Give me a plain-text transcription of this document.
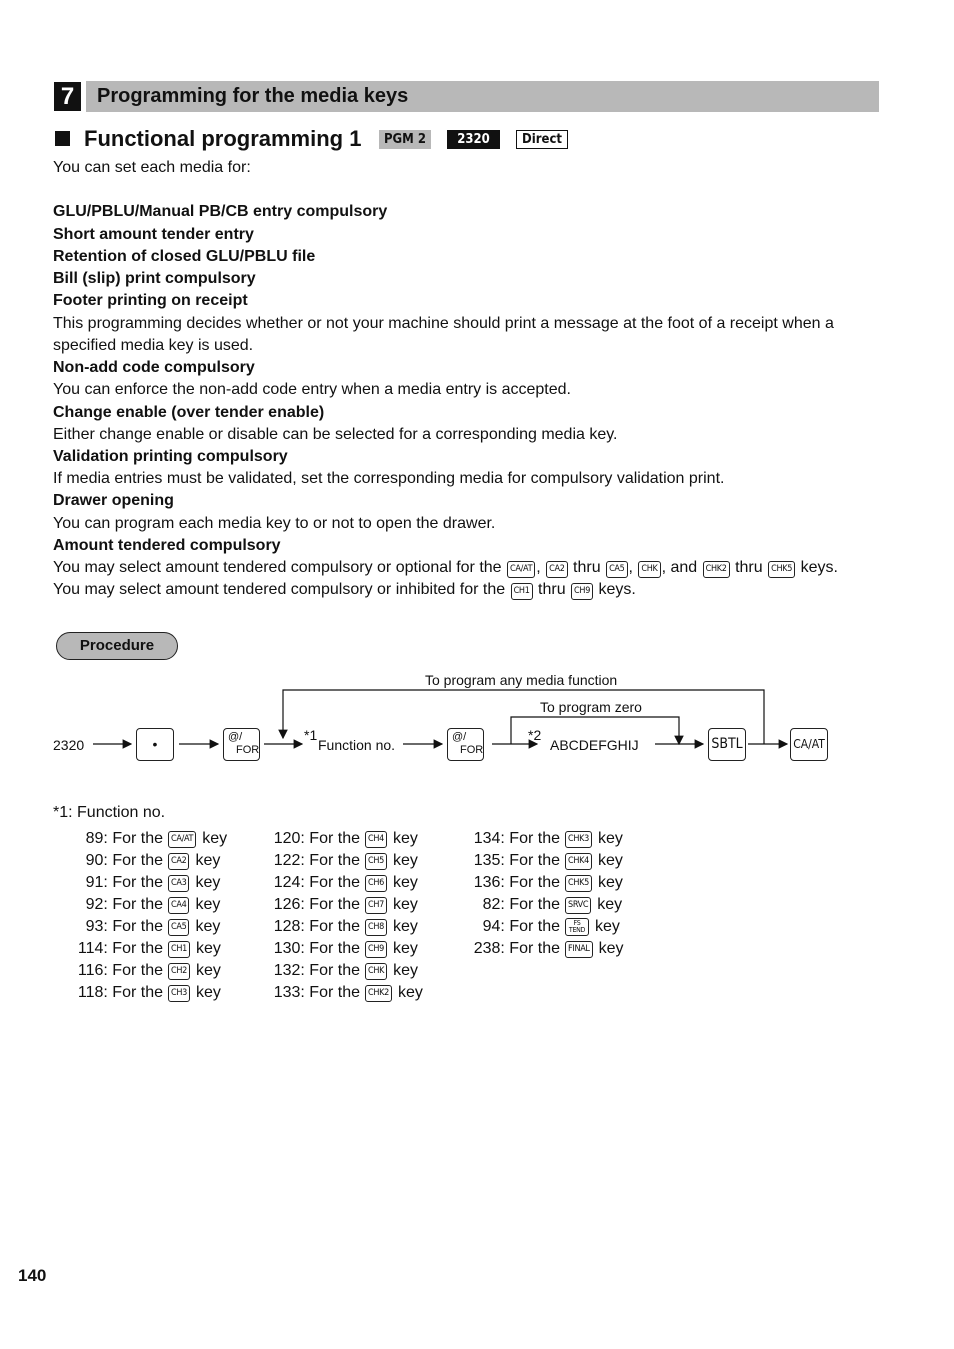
7	Programming for the media keys
Functional programming 1	PGM 2	2320	Direct
You can set each media for:
GLU/PBLU/Manual PB/CB entry compulsory
Short amount tender entry
Retention of closed GLU/PBLU file
Bill (slip) print compulsory
Footer printing on receipt
This programming decides whether or not your machine should print a message at the foot of a receipt when a
specified media key is used.
Non-add code compulsory
You can enforce the non-add code entry when a media entry is accepted.
Change enable (over tender enable)
Either change enable or disable can be selected for a corresponding media key.
Validation printing compulsory
If media entries must be validated, set the corresponding media for compulsory validation print.
Drawer opening
You can program each media key to or not to open the drawer.
Amount tendered compulsory
You may select amount tendered compulsory or optional for the CA/AT , CA2 thru CA5 , CHK , and CHK2 thru CHK5 keys.
You may select amount tendered compulsory or inhibited for the CH1 thru CH9 keys.
Procedure
To program any media function
To program zero
2320	•	@/
FOR
*1
Function no.	@/
FOR
*2
ABCDEFGHIJ	SBTL	CA/AT
*1: Function no.
89: For the CA/AT key
90: For the CA2 key
91: For the CA3 key
92: For the CA4 key
93: For the CA5 key
114: For the CH1 key
116: For the CH2 key
118: For the CH3 key
120: For the CH4 key
122: For the CH5 key
124: For the CH6 key
126: For the CH7 key
128: For the CH8 key
130: For the CH9 key
132: For the CHK key
133: For the CHK2 key
134: For the CHK3 key
135: For the CHK4 key
136: For the CHK5 key
82: For the SRVC key
94: For the	FS TEND key
238: For the FINAL key
140
